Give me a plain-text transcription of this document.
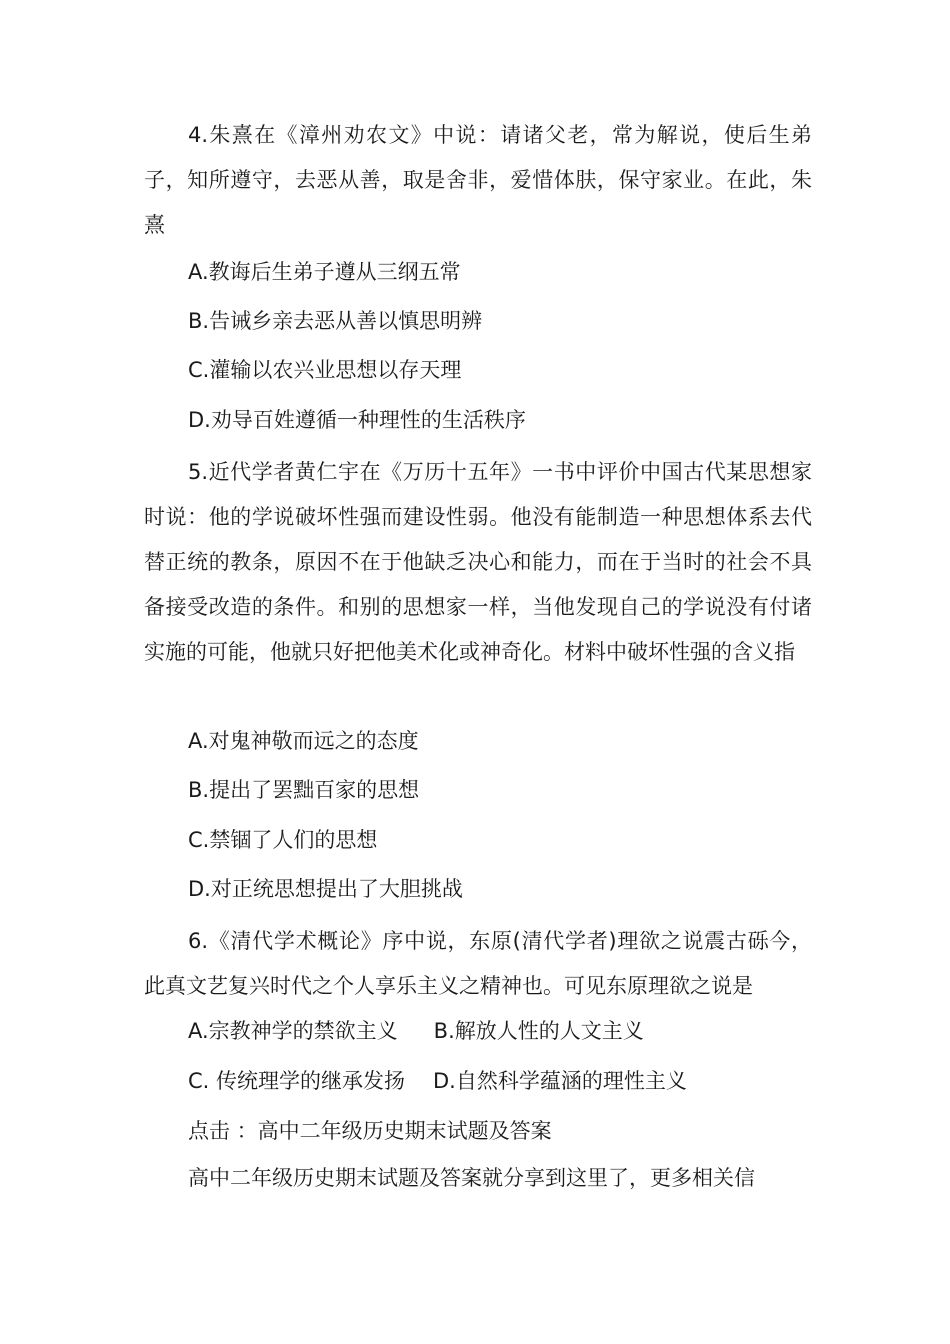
4.朱熹在《漳州劝农文》中说：请诸父老，常为解说，使后生弟子，知所遵守，去恶从善，取是舍非，爱惜体肤，保守家业。在此，朱熹

A.教诲后生弟子遵从三纲五常

B.告诫乡亲去恶从善以慎思明辨

C.灌输以农兴业思想以存天理

D.劝导百姓遵循一种理性的生活秩序

5.近代学者黄仁宇在《万历十五年》一书中评价中国古代某思想家时说：他的学说破坏性强而建设性弱。他没有能制造一种思想体系去代替正统的教条，原因不在于他缺乏决心和能力，而在于当时的社会不具备接受改造的条件。和别的思想家一样，当他发现自己的学说没有付诸实施的可能，他就只好把他美术化或神奇化。材料中破坏性强的含义指

A.对鬼神敬而远之的态度

B.提出了罢黜百家的思想

C.禁锢了人们的思想

D.对正统思想提出了大胆挑战

6.《清代学术概论》序中说，东原(清代学者)理欲之说震古砾今，此真文艺复兴时代之个人享乐主义之精神也。可见东原理欲之说是

A.宗教神学的禁欲主义 B.解放人性的人文主义
C. 传统理学的继承发扬 D.自然科学蕴涵的理性主义

点击 ：高中二年级历史期末试题及答案

高中二年级历史期末试题及答案就分享到这里了，更多相关信
